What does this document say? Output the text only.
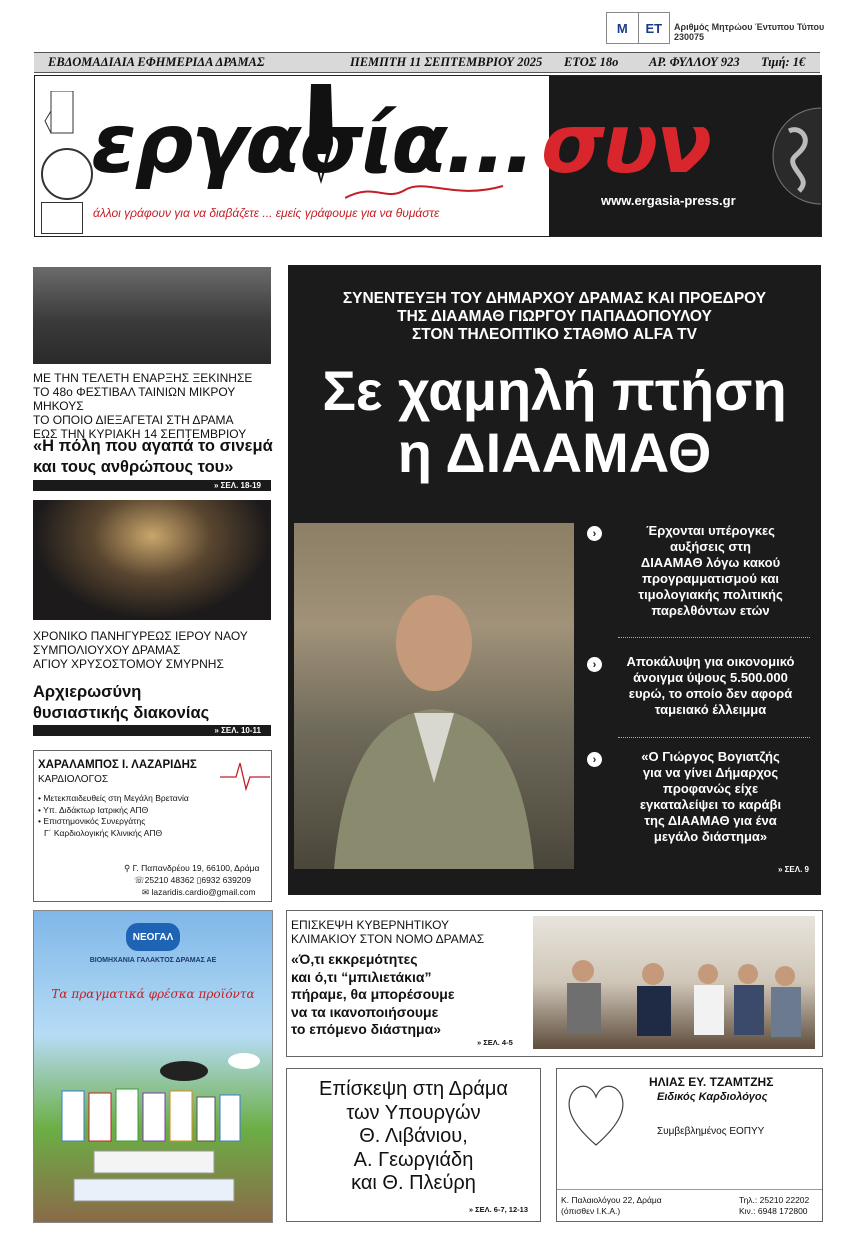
Μ	ΕΤ	Αριθμός Μητρώου Έντυπου Τύπου 230075
ΕΒΔΟΜΑΔΙΑΙΑ ΕΦΗΜΕΡΙΔΑ ΔΡΑΜΑΣ	ΠΕΜΠΤΗ 11 ΣΕΠΤΕΜΒΡΙΟΥ 2025 ΕΤΟΣ 18ο ΑΡ. ΦΥΛΛΟΥ 923 Τιμή: 1€
εργασία... συν
άλλοι γράφουν για να διαβάζετε ... εμείς γράφουμε για να θυμάστε
www.ergasia-press.gr
ΜΕ ΤΗΝ ΤΕΛΕΤΗ ΕΝΑΡΞΗΣ ΞΕΚΙΝΗΣΕ
ΤΟ 48ο ΦΕΣΤΙΒΑΛ ΤΑΙΝΙΩΝ ΜΙΚΡΟΥ ΜΗΚΟΥΣ
ΤΟ ΟΠΟΙΟ ΔΙΕΞΑΓΕΤΑΙ ΣΤΗ ΔΡΑΜΑ
ΕΩΣ ΤΗΝ ΚΥΡΙΑΚΗ 14 ΣΕΠΤΕΜΒΡΙΟΥ
«Η πόλη που αγαπά το σινεμά
και τους ανθρώπους του»
» ΣΕΛ. 18-19
ΧΡΟΝΙΚΟ ΠΑΝΗΓΥΡΕΩΣ ΙΕΡΟΥ ΝΑΟΥ
ΣΥΜΠΟΛΙΟΥΧΟΥ ΔΡΑΜΑΣ
ΑΓΙΟΥ ΧΡΥΣΟΣΤΟΜΟΥ ΣΜΥΡΝΗΣ
Αρχιερωσύνη
θυσιαστικής διακονίας
» ΣΕΛ. 10-11
ΧΑΡΑΛΑΜΠΟΣ Ι. ΛΑΖΑΡΙΔΗΣ
ΚΑΡΔΙΟΛΟΓΟΣ
• Μετεκπαιδευθείς στη Μεγάλη Βρετανία
• Υπ. Διδάκτωρ Ιατρικής ΑΠΘ
• Επιστημονικός Συνεργάτης
Γ΄ Καρδιολογικής Κλινικής ΑΠΘ
⚲ Γ. Παπανδρέου 19, 66100, Δράμα
☏25210 48362 ▯6932 639209
✉ lazaridis.cardio@gmail.com
ΣΥΝΕΝΤΕΥΞΗ ΤΟΥ ΔΗΜΑΡΧΟΥ ΔΡΑΜΑΣ ΚΑΙ ΠΡΟΕΔΡΟΥ
ΤΗΣ ΔΙΑΑΜΑΘ ΓΙΩΡΓΟΥ ΠΑΠΑΔΟΠΟΥΛΟΥ
ΣΤΟΝ ΤΗΛΕΟΠΤΙΚΟ ΣΤΑΘΜΟ ALFA TV
Σε χαμηλή πτήση
η ΔΙΑΑΜΑΘ
›	Έρχονται υπέρογκες
αυξήσεις στη
ΔΙΑΑΜΑΘ λόγω κακού
προγραμματισμού και
τιμολογιακής πολιτικής
παρελθόντων ετών
›	Αποκάλυψη για οικονομικό
άνοιγμα ύψους 5.500.000
ευρώ, το οποίο δεν αφορά
ταμειακό έλλειμμα
›	«Ο Γιώργος Βογιατζής
για να γίνει Δήμαρχος
προφανώς είχε
εγκαταλείψει το καράβι
της ΔΙΑΑΜΑΘ για ένα
μεγάλο διάστημα»
» ΣΕΛ. 9
ΕΠΙΣΚΕΨΗ ΚΥΒΕΡΝΗΤΙΚΟΥ
ΚΛΙΜΑΚΙΟΥ ΣΤΟΝ ΝΟΜΟ ΔΡΑΜΑΣ
«Ό,τι εκκρεμότητες
και ό,τι “μπιλιετάκια”
πήραμε, θα μπορέσουμε
να τα ικανοποιήσουμε
το επόμενο διάστημα»
» ΣΕΛ. 4-5
ΝΕΟΓΑΛ
ΒΙΟΜΗΧΑΝΙΑ ΓΑΛΑΚΤΟΣ ΔΡΑΜΑΣ ΑΕ
Τα πραγματικά φρέσκα προϊόντα
Επίσκεψη στη Δράμα
των Υπουργών
Θ. Λιβάνιου,
Α. Γεωργιάδη
και Θ. Πλεύρη
» ΣΕΛ. 6-7, 12-13
ΗΛΙΑΣ ΕΥ. ΤΖΑΜΤΖΗΣ
Ειδικός Καρδιολόγος
Συμβεβλημένος ΕΟΠΥΥ
Κ. Παλαιολόγου 22, Δράμα
(όπισθεν Ι.Κ.Α.)
Τηλ.: 25210 22202
Κιν.: 6948 172800
